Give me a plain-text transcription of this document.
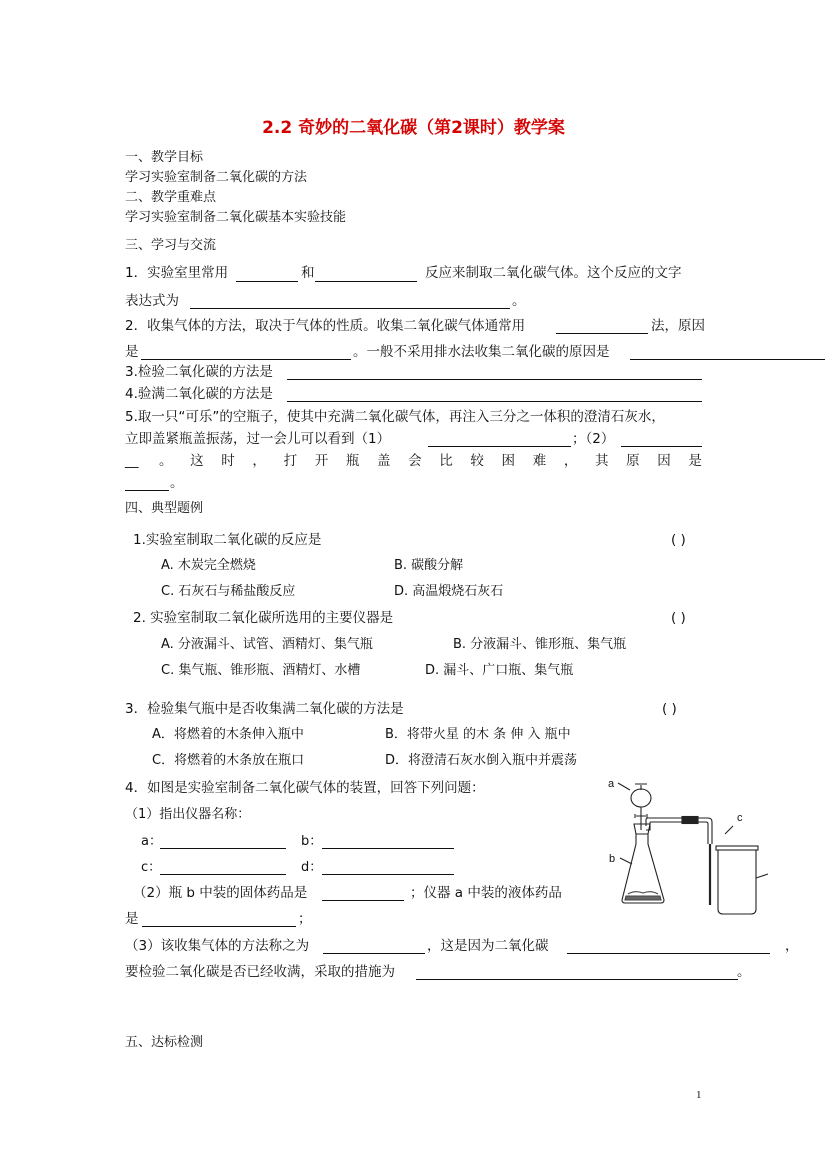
2.2 奇妙的二氧化碳（第2课时）教学案
一、教学目标
学习实验室制备二氧化碳的方法
二、教学重难点
学习实验室制备二氧化碳基本实验技能
三、学习与交流
1．实验室里常用	和	反应来制取二氧化碳气体。这个反应的文字
表达式为	。
2．收集气体的方法，取决于气体的性质。收集二氧化碳气体通常用	法，原因
是	。一般不采用排水法收集二氧化碳的原因是
3.检验二氧化碳的方法是
4.验满二氧化碳的方法是
5.取一只“可乐”的空瓶子，使其中充满二氧化碳气体，再注入三分之一体积的澄清石灰水，
立即盖紧瓶盖振荡，过一会儿可以看到（1）	；（2）
__ 。 这 时 ， 打 开 瓶 盖 会 比 较 困 难 ， 其 原 因 是
。
四、典型题例
1.实验室制取二氧化碳的反应是	( )
A. 木炭完全燃烧	B. 碳酸分解
C. 石灰石与稀盐酸反应	D. 高温煅烧石灰石
2. 实验室制取二氧化碳所选用的主要仪器是	( )
A. 分液漏斗、试管、酒精灯、集气瓶	B. 分液漏斗、锥形瓶、集气瓶
C. 集气瓶、锥形瓶、酒精灯、水槽	D. 漏斗、广口瓶、集气瓶
3．检验集气瓶中是否收集满二氧化碳的方法是	( )
A．将燃着的木条伸入瓶中	B．将带火星 的木 条 伸 入 瓶中
C．将燃着的木条放在瓶口	D．将澄清石灰水倒入瓶中并震荡
4．如图是实验室制备二氧化碳气体的装置，回答下列问题：
（1）指出仪器名称：
a：	b：
c：	d：
（2）瓶 b 中装的固体药品是	；仪器 a 中装的液体药品
是	；
（3）该收集气体的方法称之为	，这是因为二氧化碳	，
要检验二氧化碳是否已经收满，采取的措施为	。
a
b
c
五、达标检测
1
